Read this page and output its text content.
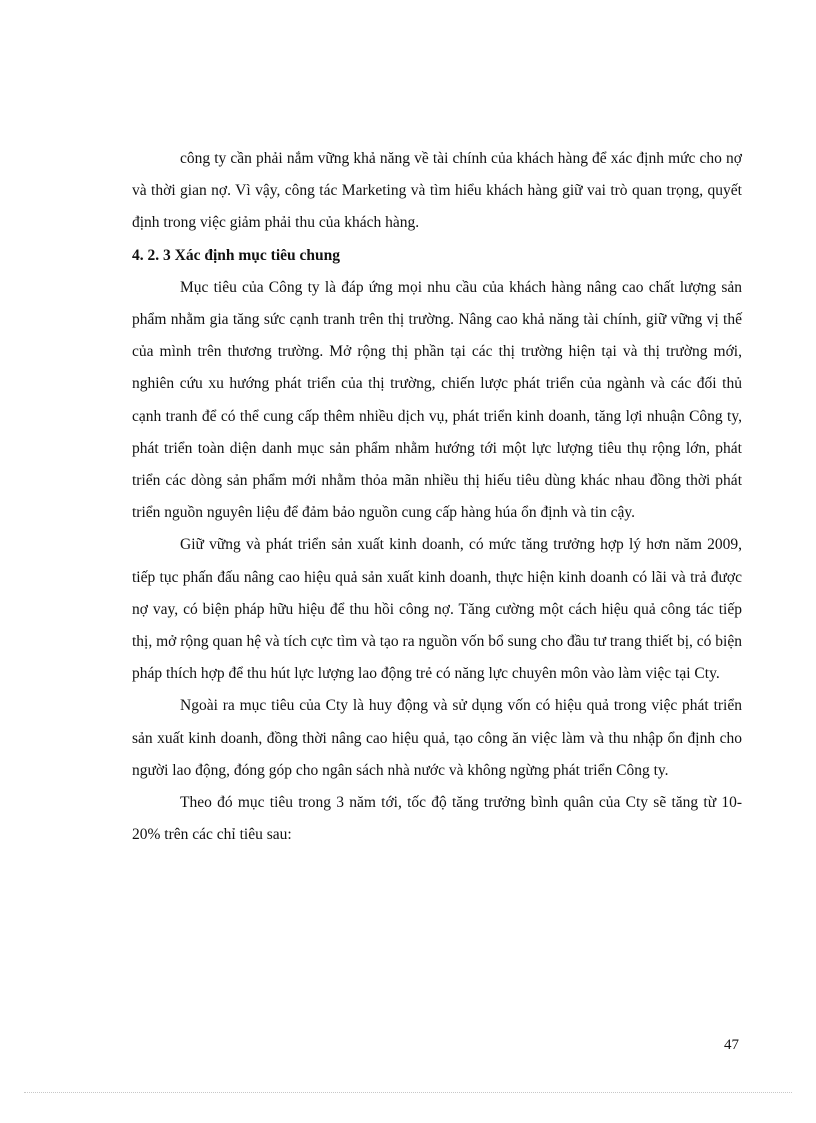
công ty cần phải nắm vững khả năng về tài chính của khách hàng để xác định mức cho nợ và thời gian nợ. Vì vậy, công tác Marketing và tìm hiểu khách hàng giữ vai trò quan trọng, quyết định trong việc giảm phải thu của khách hàng.

4. 2. 3 Xác định mục tiêu chung

Mục tiêu của Công ty là đáp ứng mọi nhu cầu của khách hàng nâng cao chất lượng sản phẩm nhằm gia tăng sức cạnh tranh trên thị trường. Nâng cao khả năng tài chính, giữ vững vị thế của mình trên thương trường. Mở rộng thị phần tại các thị trường hiện tại và thị trường mới, nghiên cứu xu hướng phát triển của thị trường, chiến lược phát triển của ngành và các đối thủ cạnh tranh để có thể cung cấp thêm nhiều dịch vụ, phát triển kinh doanh, tăng lợi nhuận Công ty, phát triển toàn diện danh mục sản phẩm nhằm hướng tới một lực lượng tiêu thụ rộng lớn, phát triển các dòng sản phẩm mới nhằm thỏa mãn nhiều thị hiếu tiêu dùng khác nhau đồng thời phát triển nguồn nguyên liệu để đảm bảo nguồn cung cấp hàng húa ổn định và tin cậy.

Giữ vững và phát triển sản xuất kinh doanh, có mức tăng trưởng hợp lý hơn năm 2009, tiếp tục phấn đấu nâng cao hiệu quả sản xuất kinh doanh, thực hiện kinh doanh có lãi và trả được nợ vay, có biện pháp hữu hiệu để thu hồi công nợ. Tăng cường một cách hiệu quả công tác tiếp thị, mở rộng quan hệ và tích cực tìm và tạo ra nguồn vốn bổ sung cho đầu tư trang thiết bị, có biện pháp thích hợp để thu hút lực lượng lao động trẻ có năng lực chuyên môn vào làm việc tại Cty.

Ngoài ra mục tiêu của Cty là huy động và sử dụng vốn có hiệu quả trong việc phát triển sản xuất kinh doanh, đồng thời nâng cao hiệu quả, tạo công ăn việc làm và thu nhập ổn định cho người lao động, đóng góp cho ngân sách nhà nước và không ngừng phát triển Công ty.

Theo đó mục tiêu trong 3 năm tới, tốc độ tăng trưởng bình quân của Cty sẽ tăng từ 10-20% trên các chỉ tiêu sau:

47
